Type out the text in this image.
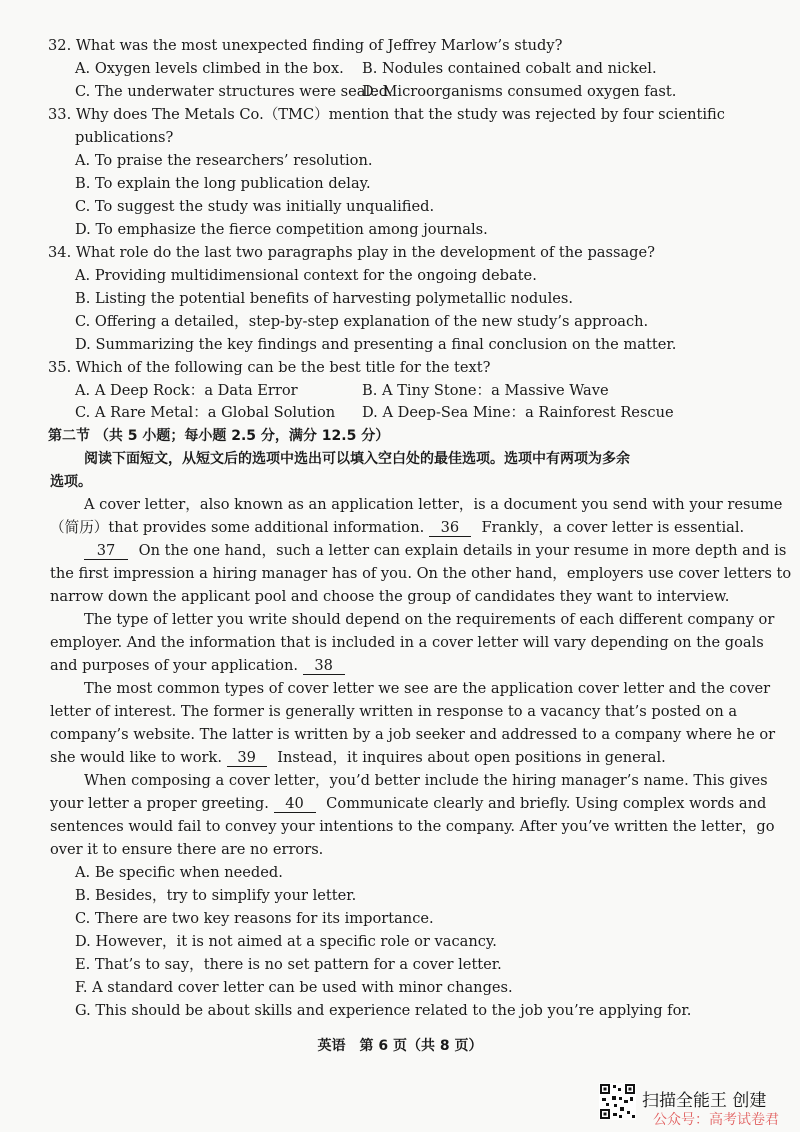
32. What was the most unexpected finding of Jeffrey Marlow’s study?
A. Oxygen levels climbed in the box. B. Nodules contained cobalt and nickel.
C. The underwater structures were sealed.
D. Microorganisms consumed oxygen fast.
33. Why does The Metals Co.（TMC）mention that the study was rejected by four scientific
publications?
A. To praise the researchers’ resolution.
B. To explain the long publication delay.
C. To suggest the study was initially unqualified.
D. To emphasize the fierce competition among journals.
34. What role do the last two paragraphs play in the development of the passage?
A. Providing multidimensional context for the ongoing debate.
B. Listing the potential benefits of harvesting polymetallic nodules.
C. Offering a detailed，step-by-step explanation of the new study’s approach.
D. Summarizing the key findings and presenting a final conclusion on the matter.
35. Which of the following can be the best title for the text?
A. A Deep Rock：a Data Error	B. A Tiny Stone：a Massive Wave
C. A Rare Metal：a Global Solution D. A Deep-Sea Mine：a Rainforest Rescue
第二节 （共 5 小题；每小题 2.5 分，满分 12.5 分）
阅读下面短文，从短文后的选项中选出可以填入空白处的最佳选项。选项中有两项为多余
选项。
A cover letter，also known as an application letter，is a document you send with your resume
（简历）that provides some additional information. 36 Frankly，a cover letter is essential.
37 On the one hand，such a letter can explain details in your resume in more depth and is
the first impression a hiring manager has of you. On the other hand，employers use cover letters to
narrow down the applicant pool and choose the group of candidates they want to interview.
The type of letter you write should depend on the requirements of each different company or
employer. And the information that is included in a cover letter will vary depending on the goals
and purposes of your application. 38
The most common types of cover letter we see are the application cover letter and the cover
letter of interest. The former is generally written in response to a vacancy that’s posted on a
company’s website. The latter is written by a job seeker and addressed to a company where he or
she would like to work. 39 Instead，it inquires about open positions in general.
When composing a cover letter，you’d better include the hiring manager’s name. This gives
your letter a proper greeting. 40 Communicate clearly and briefly. Using complex words and
sentences would fail to convey your intentions to the company. After you’ve written the letter，go
over it to ensure there are no errors.
A. Be specific when needed.
B. Besides，try to simplify your letter.
C. There are two key reasons for its importance.
D. However，it is not aimed at a specific role or vacancy.
E. That’s to say，there is no set pattern for a cover letter.
F. A standard cover letter can be used with minor changes.
G. This should be about skills and experience related to the job you’re applying for.
英语　第 6 页（共 8 页）
扫描全能王 创建
公众号：高考试卷君
